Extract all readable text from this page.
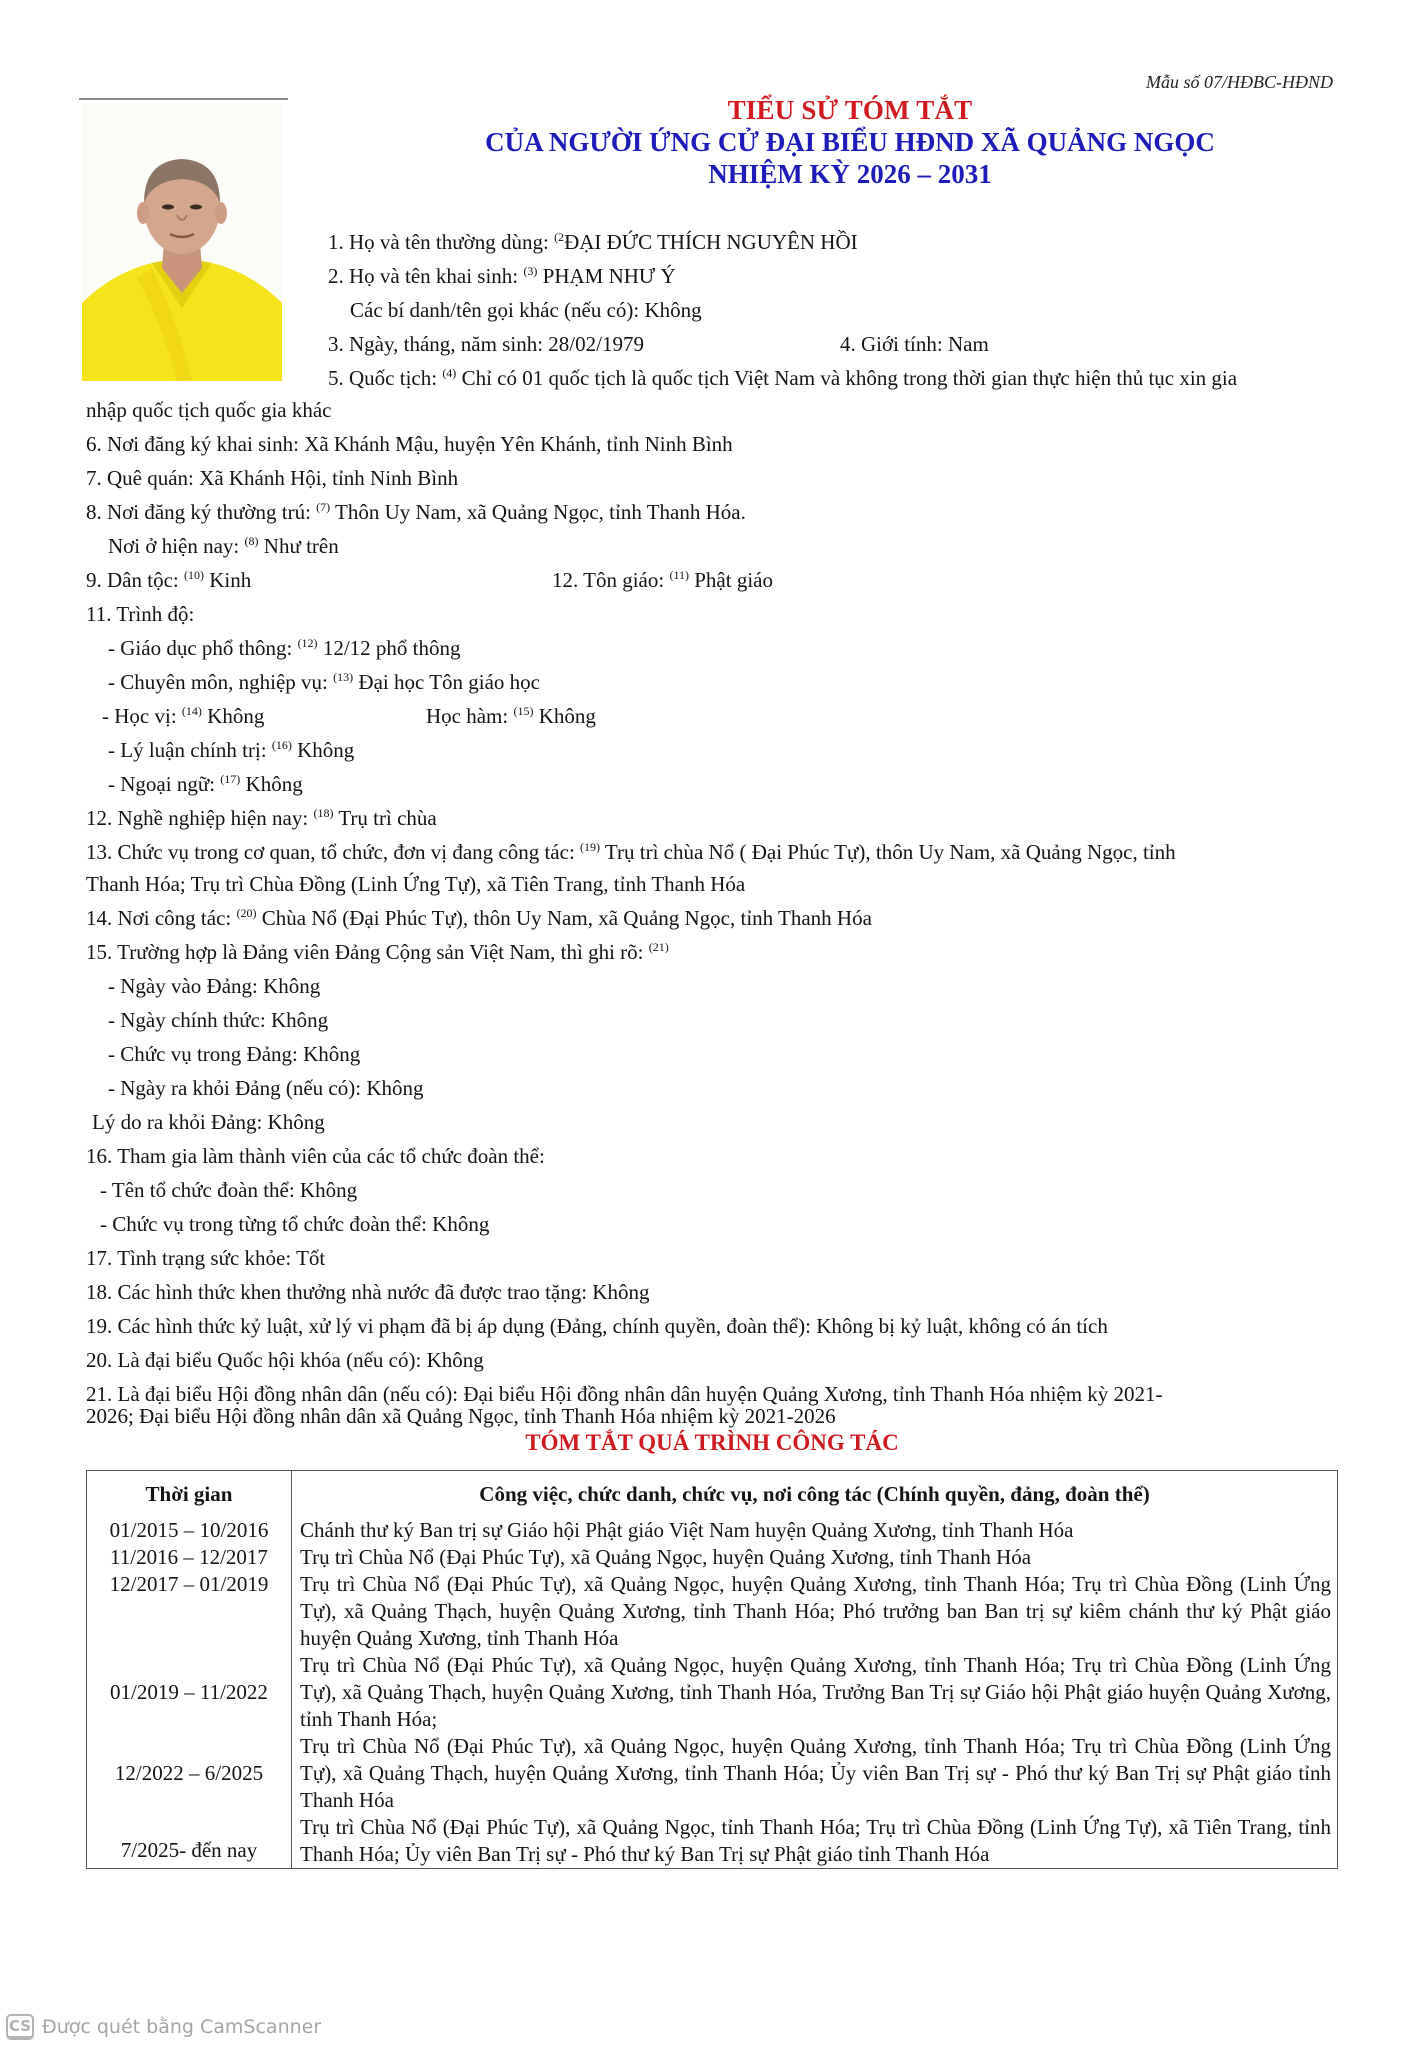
Mẫu số 07/HĐBC-HĐND
TIỂU SỬ TÓM TẮT
CỦA NGƯỜI ỨNG CỬ ĐẠI BIỂU HĐND XÃ QUẢNG NGỌC
NHIỆM KỲ 2026 – 2031
1. Họ và tên thường dùng: $^{(2}$ĐẠI ĐỨC THÍCH NGUYÊN HỒI
2. Họ và tên khai sinh: $^{(3)}$ PHẠM NHƯ Ý
Các bí danh/tên gọi khác (nếu có): Không
3. Ngày, tháng, năm sinh: 28/02/1979	4. Giới tính: Nam
5. Quốc tịch: $^{(4)}$ Chỉ có 01 quốc tịch là quốc tịch Việt Nam và không trong thời gian thực hiện thủ tục xin gia
nhập quốc tịch quốc gia khác
6. Nơi đăng ký khai sinh: Xã Khánh Mậu, huyện Yên Khánh, tỉnh Ninh Bình
7. Quê quán: Xã Khánh Hội, tỉnh Ninh Bình
8. Nơi đăng ký thường trú: $^{(7)}$ Thôn Uy Nam, xã Quảng Ngọc, tỉnh Thanh Hóa.
Nơi ở hiện nay: $^{(8)}$ Như trên
9. Dân tộc: $^{(10)}$ Kinh	12. Tôn giáo: $^{(11)}$ Phật giáo
11. Trình độ:
- Giáo dục phổ thông: $^{(12)}$ 12/12 phổ thông
- Chuyên môn, nghiệp vụ: $^{(13)}$ Đại học Tôn giáo học
- Học vị: $^{(14)}$ Không	Học hàm: $^{(15)}$ Không
- Lý luận chính trị: $^{(16)}$ Không
- Ngoại ngữ: $^{(17)}$ Không
12. Nghề nghiệp hiện nay: $^{(18)}$ Trụ trì chùa
13. Chức vụ trong cơ quan, tổ chức, đơn vị đang công tác: $^{(19)}$ Trụ trì chùa Nổ ( Đại Phúc Tự), thôn Uy Nam, xã Quảng Ngọc, tỉnh
Thanh Hóa; Trụ trì Chùa Đồng (Linh Ứng Tự), xã Tiên Trang, tỉnh Thanh Hóa
14. Nơi công tác: $^{(20)}$ Chùa Nổ (Đại Phúc Tự), thôn Uy Nam, xã Quảng Ngọc, tỉnh Thanh Hóa
15. Trường hợp là Đảng viên Đảng Cộng sản Việt Nam, thì ghi rõ: $^{(21)}$
- Ngày vào Đảng: Không
- Ngày chính thức: Không
- Chức vụ trong Đảng: Không
- Ngày ra khỏi Đảng (nếu có): Không
Lý do ra khỏi Đảng: Không
16. Tham gia làm thành viên của các tổ chức đoàn thể:
- Tên tổ chức đoàn thể: Không
- Chức vụ trong từng tổ chức đoàn thể: Không
17. Tình trạng sức khỏe: Tốt
18. Các hình thức khen thưởng nhà nước đã được trao tặng: Không
19. Các hình thức kỷ luật, xử lý vi phạm đã bị áp dụng (Đảng, chính quyền, đoàn thể): Không bị kỷ luật, không có án tích
20. Là đại biểu Quốc hội khóa (nếu có): Không
21. Là đại biểu Hội đồng nhân dân (nếu có): Đại biểu Hội đồng nhân dân huyện Quảng Xương, tỉnh Thanh Hóa nhiệm kỳ 2021-
2026; Đại biểu Hội đồng nhân dân xã Quảng Ngọc, tỉnh Thanh Hóa nhiệm kỳ 2021-2026
TÓM TẮT QUÁ TRÌNH CÔNG TÁC
Thời gian	Công việc, chức danh, chức vụ, nơi công tác (Chính quyền, đảng, đoàn thể)
01/2015 – 10/2016	Chánh thư ký Ban trị sự Giáo hội Phật giáo Việt Nam huyện Quảng Xương, tỉnh Thanh Hóa
11/2016 – 12/2017	Trụ trì Chùa Nổ (Đại Phúc Tự), xã Quảng Ngọc, huyện Quảng Xương, tỉnh Thanh Hóa
12/2017 – 01/2019	Trụ trì Chùa Nổ (Đại Phúc Tự), xã Quảng Ngọc, huyện Quảng Xương, tỉnh Thanh Hóa; Trụ trì Chùa Đồng (Linh Ứng Tự), xã Quảng Thạch, huyện Quảng Xương, tỉnh Thanh Hóa; Phó trưởng ban Ban trị sự kiêm chánh thư ký Phật giáo huyện Quảng Xương, tỉnh Thanh Hóa
01/2019 – 11/2022	Trụ trì Chùa Nổ (Đại Phúc Tự), xã Quảng Ngọc, huyện Quảng Xương, tỉnh Thanh Hóa; Trụ trì Chùa Đồng (Linh Ứng Tự), xã Quảng Thạch, huyện Quảng Xương, tỉnh Thanh Hóa, Trưởng Ban Trị sự Giáo hội Phật giáo huyện Quảng Xương, tỉnh Thanh Hóa;
12/2022 – 6/2025	Trụ trì Chùa Nổ (Đại Phúc Tự), xã Quảng Ngọc, huyện Quảng Xương, tỉnh Thanh Hóa; Trụ trì Chùa Đồng (Linh Ứng Tự), xã Quảng Thạch, huyện Quảng Xương, tỉnh Thanh Hóa; Ủy viên Ban Trị sự - Phó thư ký Ban Trị sự Phật giáo tỉnh Thanh Hóa
7/2025- đến nay	Trụ trì Chùa Nổ (Đại Phúc Tự), xã Quảng Ngọc, tỉnh Thanh Hóa; Trụ trì Chùa Đồng (Linh Ứng Tự), xã Tiên Trang, tỉnh Thanh Hóa; Ủy viên Ban Trị sự - Phó thư ký Ban Trị sự Phật giáo tỉnh Thanh Hóa
CS Được quét bằng CamScanner
